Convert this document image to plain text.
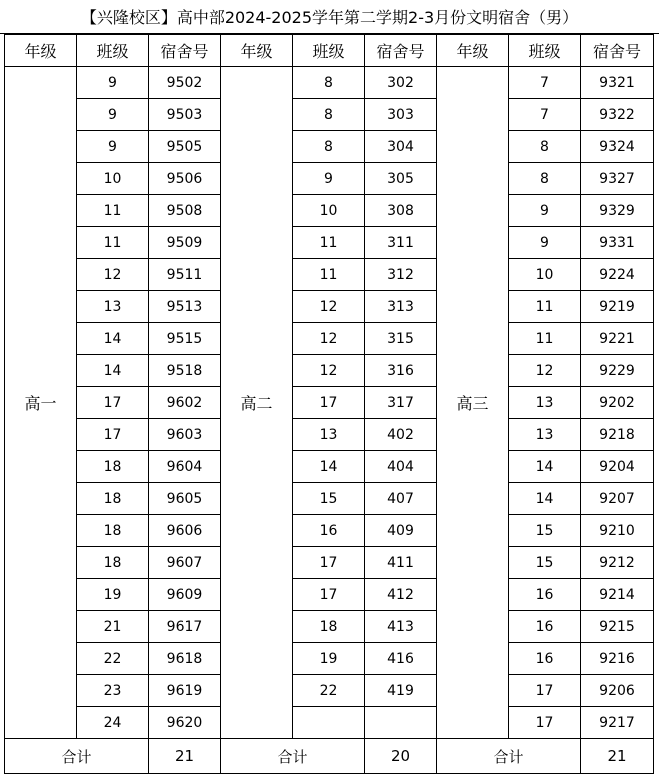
【兴隆校区】高中部2024-2025学年第二学期2-3月份文明宿舍（男）
年级	班级	宿舍号	年级	班级	宿舍号	年级	班级	宿舍号
高一	9	9502	高二	8	302	高三	7	9321
	9	9503		8	303		7	9322
	9	9505		8	304		8	9324
	10	9506		9	305		8	9327
	11	9508		10	308		9	9329
	11	9509		11	311		9	9331
	12	9511		11	312		10	9224
	13	9513		12	313		11	9219
	14	9515		12	315		11	9221
	14	9518		12	316		12	9229
	17	9602		17	317		13	9202
	17	9603		13	402		13	9218
	18	9604		14	404		14	9204
	18	9605		15	407		14	9207
	18	9606		16	409		15	9210
	18	9607		17	411		15	9212
	19	9609		17	412		16	9214
	21	9617		18	413		16	9215
	22	9618		19	416		16	9216
	23	9619		22	419		17	9206
	24	9620					17	9217
合计		21	合计		20	合计		21
